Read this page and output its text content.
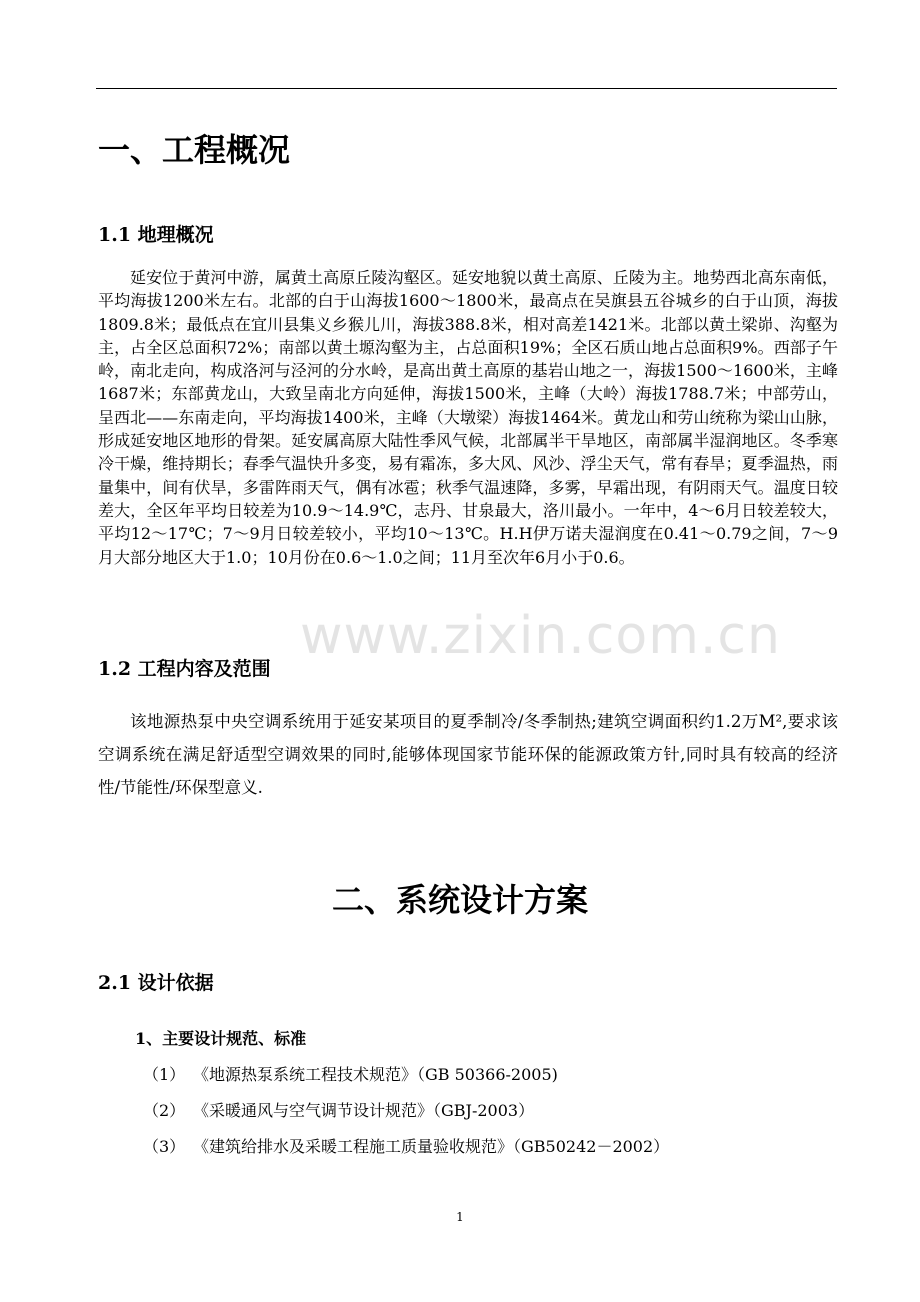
一、工程概况
1.1 地理概况

延安位于黄河中游，属黄土高原丘陵沟壑区。延安地貌以黄土高原、丘陵为主。地势西北高东南低，平均海拔1200米左右。北部的白于山海拔1600～1800米，最高点在吴旗县五谷城乡的白于山顶，海拔1809.8米；最低点在宜川县集义乡猴儿川，海拔388.8米，相对高差1421米。北部以黄土梁峁、沟壑为主，占全区总面积72%；南部以黄土塬沟壑为主，占总面积19%；全区石质山地占总面积9%。西部子午岭，南北走向，构成洛河与泾河的分水岭，是高出黄土高原的基岩山地之一，海拔1500～1600米，主峰1687米；东部黄龙山，大致呈南北方向延伸，海拔1500米，主峰（大岭）海拔1788.7米；中部劳山，呈西北——东南走向，平均海拔1400米，主峰（大墩梁）海拔1464米。黄龙山和劳山统称为梁山山脉，形成延安地区地形的骨架。延安属高原大陆性季风气候，北部属半干旱地区，南部属半湿润地区。冬季寒冷干燥，维持期长；春季气温快升多变，易有霜冻，多大风、风沙、浮尘天气，常有春旱；夏季温热，雨量集中，间有伏旱，多雷阵雨天气，偶有冰雹；秋季气温速降，多雾，早霜出现，有阴雨天气。温度日较差大，全区年平均日较差为10.9～14.9℃，志丹、甘泉最大，洛川最小。一年中，4～6月日较差较大，平均12～17℃；7～9月日较差较小，平均10～13℃。H.H伊万诺夫湿润度在0.41～0.79之间，7～9月大部分地区大于1.0；10月份在0.6～1.0之间；11月至次年6月小于0.6。

1.2 工程内容及范围

该地源热泵中央空调系统用于延安某项目的夏季制冷/冬季制热;建筑空调面积约1.2万M²,要求该空调系统在满足舒适型空调效果的同时,能够体现国家节能环保的能源政策方针,同时具有较高的经济性/节能性/环保型意义.

二、系统设计方案
2.1 设计依据
1、主要设计规范、标准
（1） 《地源热泵系统工程技术规范》（GB 50366-2005)
（2） 《采暖通风与空气调节设计规范》（GBJ-2003）
（3） 《建筑给排水及采暖工程施工质量验收规范》（GB50242－2002）
1
www.zixin.com.cn
